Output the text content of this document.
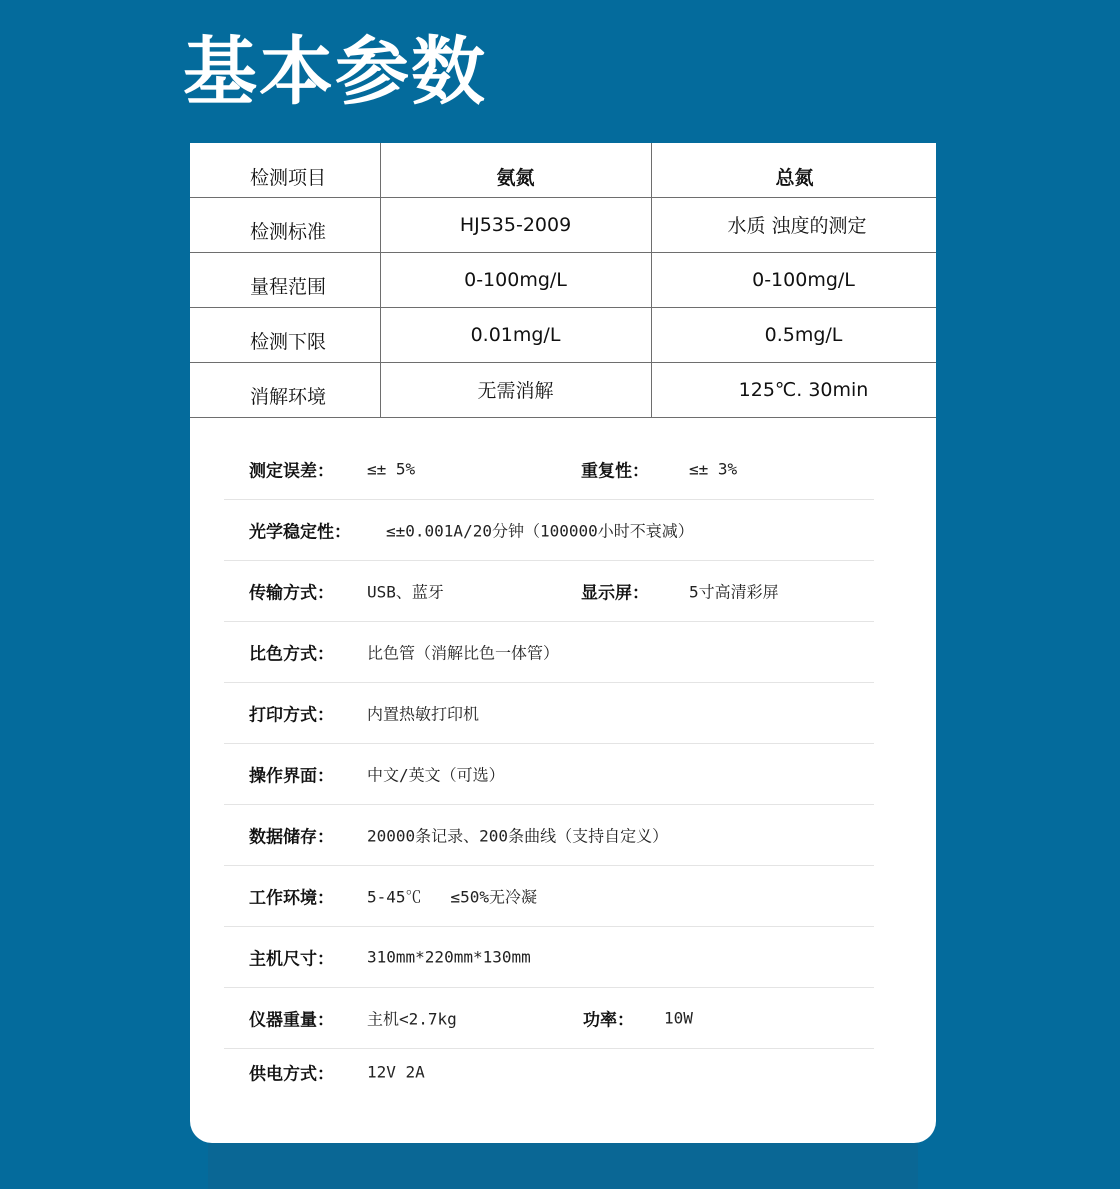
基本参数
检测项目	氨氮	总氮
检测标准	HJ535-2009	水质 浊度的测定
量程范围	0-100mg/L	0-100mg/L
检测下限	0.01mg/L	0.5mg/L
消解环境	无需消解	125℃. 30min
测定误差： ≤± 5%	重复性：	≤± 3%
光学稳定性： ≤±0.001A/20分钟（100000小时不衰减）
传输方式： USB、蓝牙	显示屏：	5寸高清彩屏
比色方式： 比色管（消解比色一体管）
打印方式： 内置热敏打印机
操作界面： 中文/英文（可选）
数据储存： 20000条记录、200条曲线（支持自定义）
工作环境： 5-45℃   ≤50%无冷凝
主机尺寸： 310mm*220mm*130mm
仪器重量： 主机<2.7kg	功率： 10W
供电方式： 12V 2A
